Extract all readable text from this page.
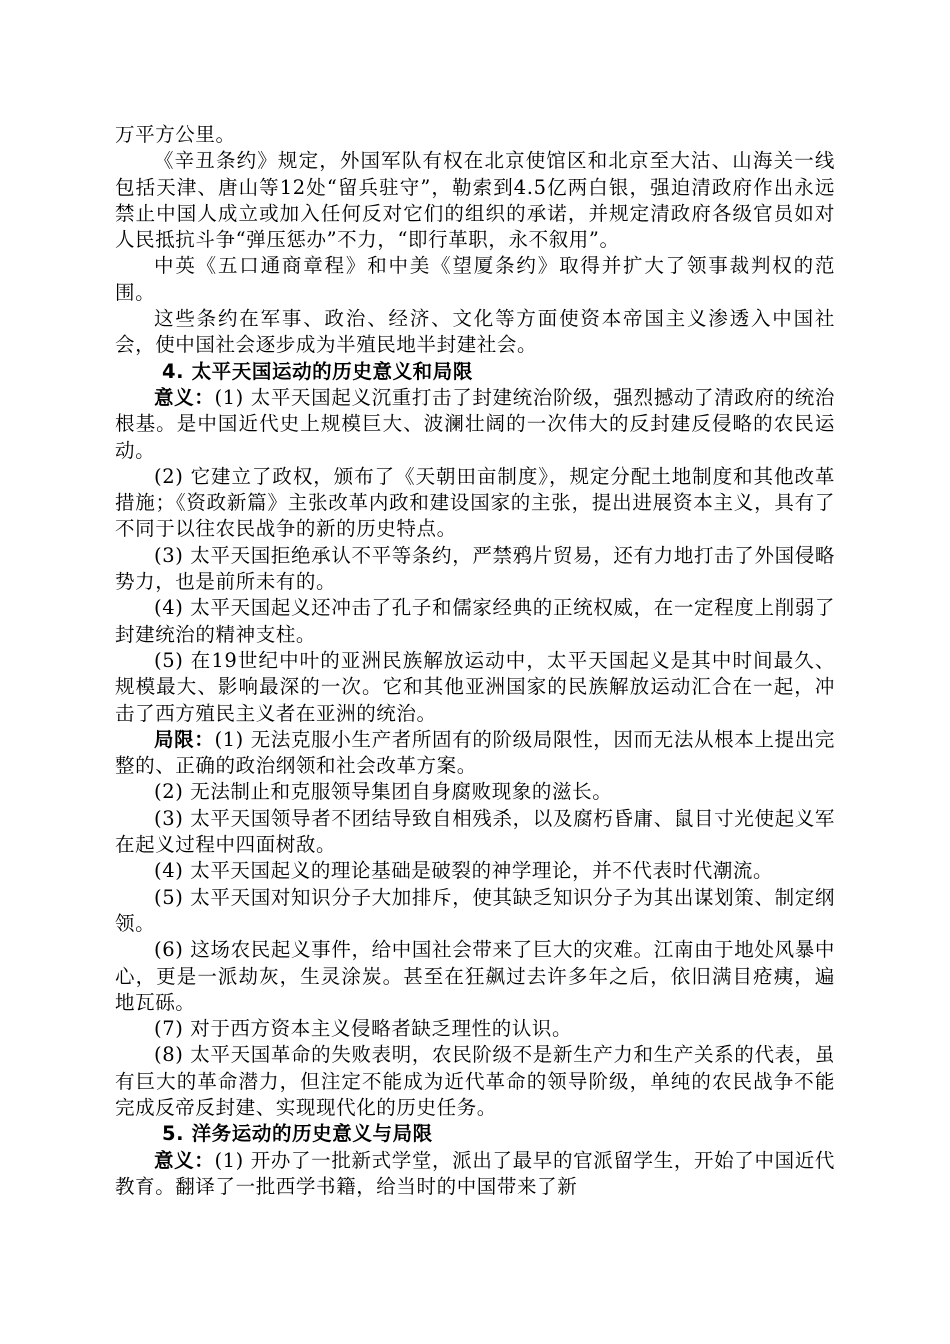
万平方公里。

《辛丑条约》规定，外国军队有权在北京使馆区和北京至大沽、山海关一线包括天津、唐山等12处“留兵驻守”，勒索到4.5亿两白银，强迫清政府作出永远禁止中国人成立或加入任何反对它们的组织的承诺，并规定清政府各级官员如对人民抵抗斗争“弹压惩办”不力，“即行革职，永不叙用”。

中英《五口通商章程》和中美《望厦条约》取得并扩大了领事裁判权的范围。

这些条约在军事、政治、经济、文化等方面使资本帝国主义渗透入中国社会，使中国社会逐步成为半殖民地半封建社会。

4. 太平天国运动的历史意义和局限

意义：(1) 太平天国起义沉重打击了封建统治阶级，强烈撼动了清政府的统治根基。是中国近代史上规模巨大、波澜壮阔的一次伟大的反封建反侵略的农民运动。

(2) 它建立了政权，颁布了《天朝田亩制度》，规定分配土地制度和其他改革措施；《资政新篇》主张改革内政和建设国家的主张，提出进展资本主义，具有了不同于以往农民战争的新的历史特点。

(3) 太平天国拒绝承认不平等条约，严禁鸦片贸易，还有力地打击了外国侵略势力，也是前所未有的。

(4) 太平天国起义还冲击了孔子和儒家经典的正统权威，在一定程度上削弱了封建统治的精神支柱。

(5) 在19世纪中叶的亚洲民族解放运动中，太平天国起义是其中时间最久、规模最大、影响最深的一次。它和其他亚洲国家的民族解放运动汇合在一起，冲击了西方殖民主义者在亚洲的统治。

局限：(1) 无法克服小生产者所固有的阶级局限性，因而无法从根本上提出完整的、正确的政治纲领和社会改革方案。

(2) 无法制止和克服领导集团自身腐败现象的滋长。

(3) 太平天国领导者不团结导致自相残杀，以及腐朽昏庸、鼠目寸光使起义军在起义过程中四面树敌。

(4) 太平天国起义的理论基础是破裂的神学理论，并不代表时代潮流。

(5) 太平天国对知识分子大加排斥，使其缺乏知识分子为其出谋划策、制定纲领。

(6) 这场农民起义事件，给中国社会带来了巨大的灾难。江南由于地处风暴中心，更是一派劫灰，生灵涂炭。甚至在狂飙过去许多年之后，依旧满目疮痍，遍地瓦砾。

(7) 对于西方资本主义侵略者缺乏理性的认识。

(8) 太平天国革命的失败表明，农民阶级不是新生产力和生产关系的代表，虽有巨大的革命潜力，但注定不能成为近代革命的领导阶级，单纯的农民战争不能完成反帝反封建、实现现代化的历史任务。

5. 洋务运动的历史意义与局限

意义：(1) 开办了一批新式学堂，派出了最早的官派留学生，开始了中国近代教育。翻译了一批西学书籍，给当时的中国带来了新
